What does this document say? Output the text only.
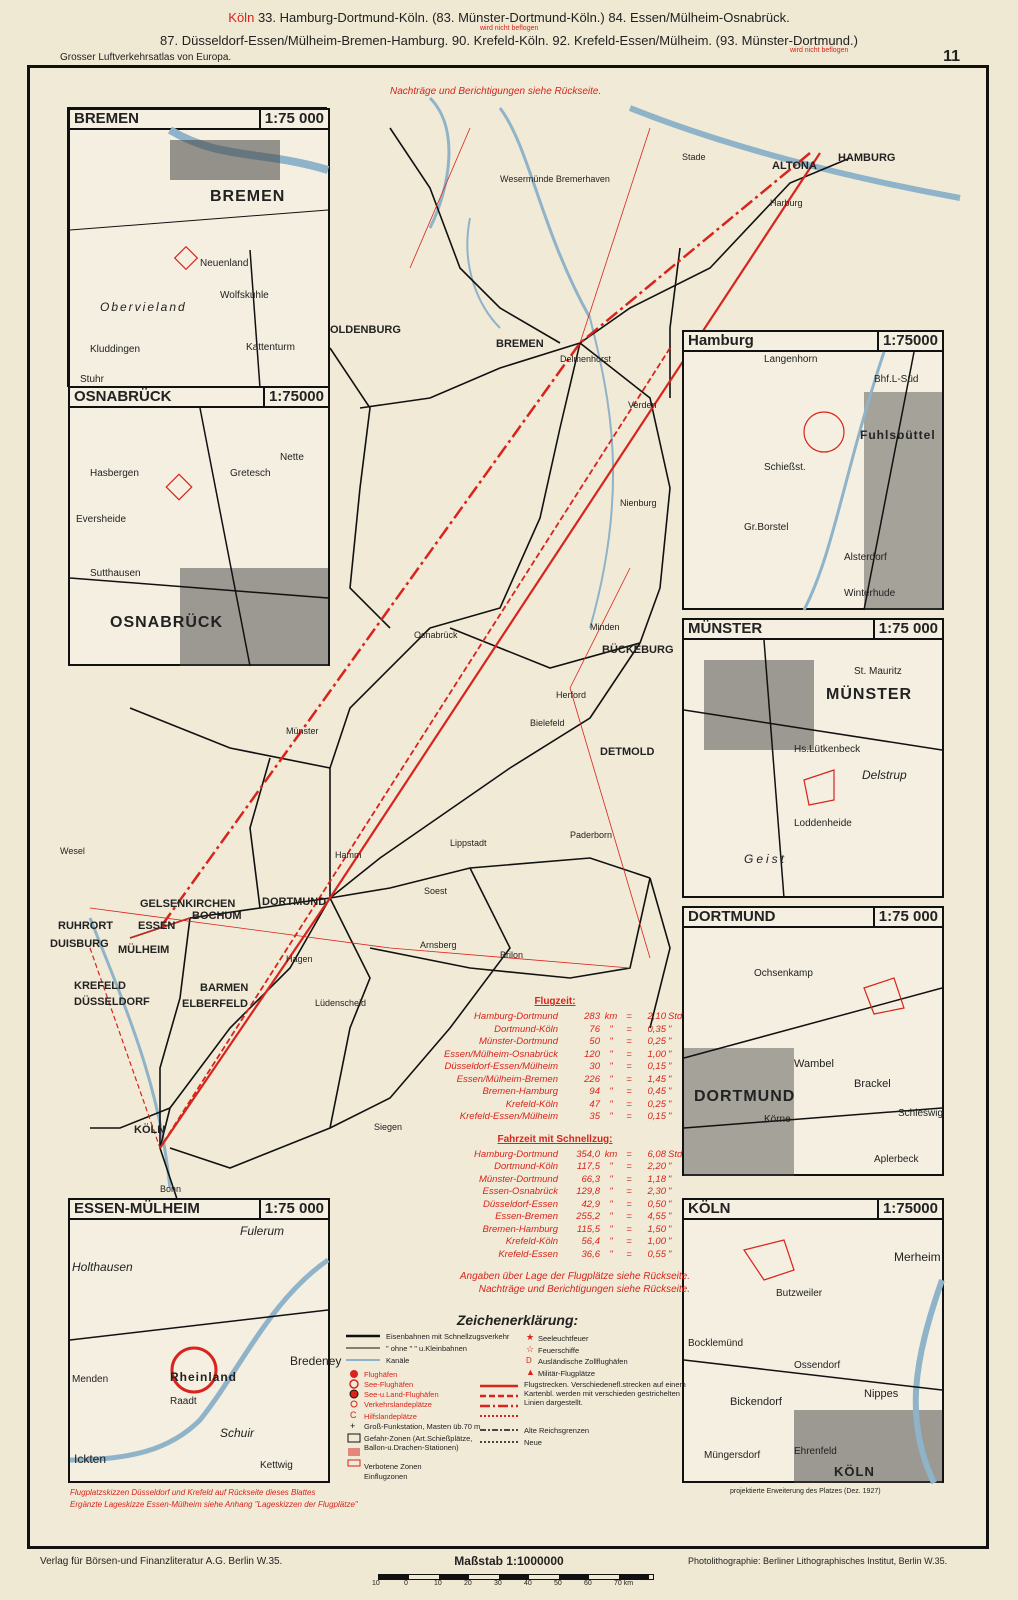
Köln 33. Hamburg-Dortmund-Köln. (83. Münster-Dortmund-Köln.) 84. Essen/Mülheim-Osnabrück.
wird nicht beflogen
87. Düsseldorf-Essen/Mülheim-Bremen-Hamburg. 90. Krefeld-Köln. 92. Krefeld-Essen/Mülheim. (93. Münster-Dortmund.)
wird nicht beflogen
Grosser Luftverkehrsatlas von Europa.	11
HAMBURG
ALTONA
BREMEN
OLDENBURG
BÜCKEBURG
DETMOLD
Münster
Osnabrück
DORTMUND
BOCHUM
ESSEN
GELSENKIRCHEN
DUISBURG
RUHRORT
MÜLHEIM
KREFELD
DÜSSELDORF
BARMEN
ELBERFELD
KÖLN
Hamm
Paderborn
Bielefeld
Minden
Herford
Harburg
Stade
Wesermünde Bremerhaven
Delmenhorst
Verden
Nienburg
Siegen
Wesel
Bonn
Hagen
Lüdenscheid
Soest
Lippstadt
Brilon
Arnsberg
Nachträge und Berichtigungen siehe Rückseite.
BREMEN	1:75 000
BREMEN
Neuenland
Obervieland
Kluddingen
Stuhr
Kattenturm
Wolfskuhle
OSNABRÜCK	1:75000
OSNABRÜCK
Hasbergen	Gretesch
Nette
Eversheide
Sutthausen
Hamburg	1:75000
Fuhlsbüttel
Langenhorn
Bhf.L-Süd
Alsterdorf
Gr.Borstel
Winterhude
Schießst.
MÜNSTER	1:75 000
MÜNSTER
St. Mauritz
Hs.Lütkenbeck
Delstrup
Loddenheide
Geist
DORTMUND	1:75 000
DORTMUND
Ochsenkamp
Wambel
Brackel
Körne
Aplerbeck
Schleswig
KÖLN	1:75000
KÖLN
Merheim
Butzweiler
Bocklemünd
Ossendorf
Nippes
Bickendorf
Ehrenfeld
Müngersdorf
ESSEN-MÜLHEIM	1:75 000
Rheinland
Fulerum
Holthausen
Menden
Raadt
Bredeney
Schuir
Ickten	Kettwig
Flugzeit:
Hamburg-Dortmund	283 km =	2,10 Std
Dortmund-Köln	76 "	=	0,35 "
Münster-Dortmund	50 "	=	0,25 "
Essen/Mülheim-Osnabrück	120 "	=	1,00 "
Düsseldorf-Essen/Mülheim	30 "	=	0,15 "
Essen/Mülheim-Bremen	226 "	=	1,45 "
Bremen-Hamburg	94 "	=	0,45 "
Krefeld-Köln	47 "	=	0,25 "
Krefeld-Essen/Mülheim	35 "	=	0,15 "
Fahrzeit mit Schnellzug:
Hamburg-Dortmund	354,0 km =	6,08 Std
Dortmund-Köln	117,5 "	=	2,20 "
Münster-Dortmund	66,3 "	=	1,18 "
Essen-Osnabrück	129,8 "	=	2,30 "
Düsseldorf-Essen	42,9 "	=	0,50 "
Essen-Bremen	255,2 "	=	4,55 "
Bremen-Hamburg	115,5 "	=	1,50 "
Krefeld-Köln	56,4 "	=	1,00 "
Krefeld-Essen	36,6 "	=	0,55 "
Angaben über Lage der Flugplätze siehe Rückseite.
Nachträge und Berichtigungen siehe Rückseite.
Zeichenerklärung:
C
+
★
☆
D
▲
Eisenbahnen mit Schnellzugsverkehr
" ohne " " u.Kleinbahnen
Kanäle
Flughäfen
See-Flughäfen
See-u.Land-Flughäfen
Verkehrslandeplätze
Hilfslandeplätze
Groß-Funkstation, Masten üb.70 m
Gefahr-Zonen (Art.Schießplätze, Ballon-u.Drachen-Stationen)
Verbotene Zonen
Einflugzonen
Seeleuchtfeuer
Feuerschiffe
Ausländische Zollflughäfen
Militär-Flugplätze
Flugstrecken. Verschiedenefl.strecken auf einem Kartenbl. werden mit verschieden gestrichelten Linien dargestellt.
Alte Reichsgrenzen
Neue
Flugplatzskizzen Düsseldorf und Krefeld auf Rückseite dieses Blattes
Ergänzte Lageskizze Essen-Mülheim siehe Anhang "Lageskizzen der Flugplätze"
projektierte Erweiterung des Platzes (Dez. 1927)
Verlag für Börsen-und Finanzliteratur A.G. Berlin W.35.	Photolithographie: Berliner Lithographisches Institut, Berlin W.35.
Maßstab 1:1000000
10	0	10	20	30	40	50	60	70 km
